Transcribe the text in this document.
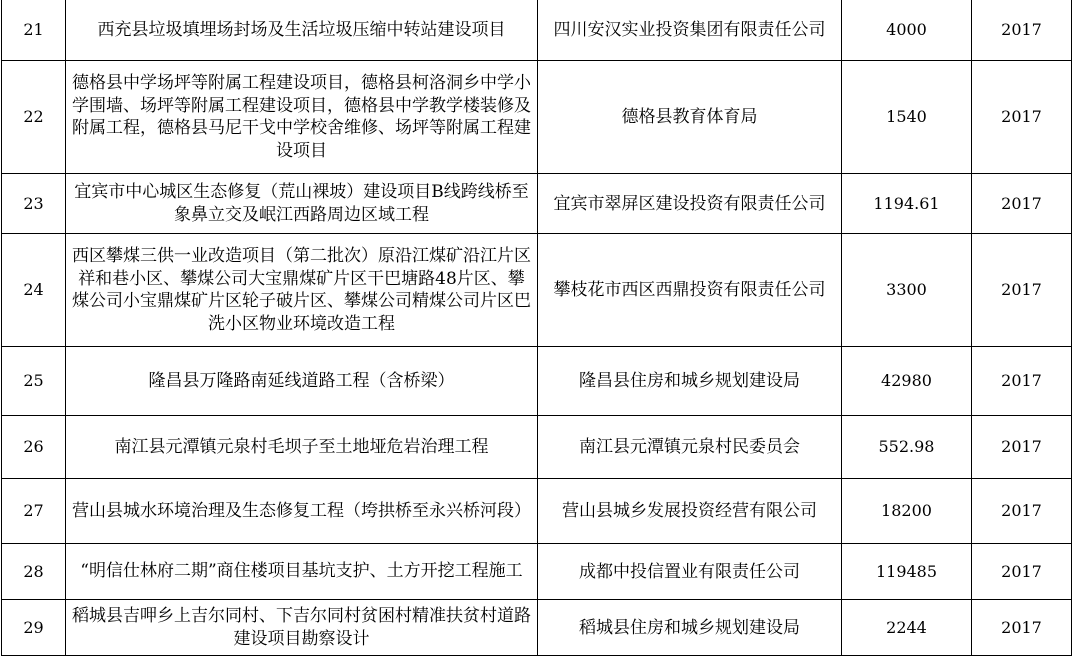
21	西充县垃圾填埋场封场及生活垃圾压缩中转站建设项目	四川安汉实业投资集团有限责任公司	4000	2017
22	德格县中学场坪等附属工程建设项目，德格县柯洛洞乡中学小学围墙、场坪等附属工程建设项目，德格县中学教学楼装修及附属工程，德格县马尼干戈中学校舍维修、场坪等附属工程建设项目	德格县教育体育局	1540	2017
23	宜宾市中心城区生态修复（荒山裸坡）建设项目B线跨线桥至象鼻立交及岷江西路周边区域工程	宜宾市翠屏区建设投资有限责任公司	1194.61	2017
24	西区攀煤三供一业改造项目（第二批次）原沿江煤矿沿江片区祥和巷小区、攀煤公司大宝鼎煤矿片区干巴塘路48片区、攀煤公司小宝鼎煤矿片区轮子破片区、攀煤公司精煤公司片区巴洗小区物业环境改造工程	攀枝花市西区西鼎投资有限责任公司	3300	2017
25	隆昌县万隆路南延线道路工程（含桥梁）	隆昌县住房和城乡规划建设局	42980	2017
26	南江县元潭镇元泉村毛坝子至土地垭危岩治理工程	南江县元潭镇元泉村民委员会	552.98	2017
27	营山县城水环境治理及生态修复工程（垮拱桥至永兴桥河段）	营山县城乡发展投资经营有限公司	18200	2017
28	“明信仕林府二期”商住楼项目基坑支护、土方开挖工程施工	成都中投信置业有限责任公司	119485	2017
29	稻城县吉呷乡上吉尔同村、下吉尔同村贫困村精准扶贫村道路建设项目勘察设计	稻城县住房和城乡规划建设局	2244	2017
